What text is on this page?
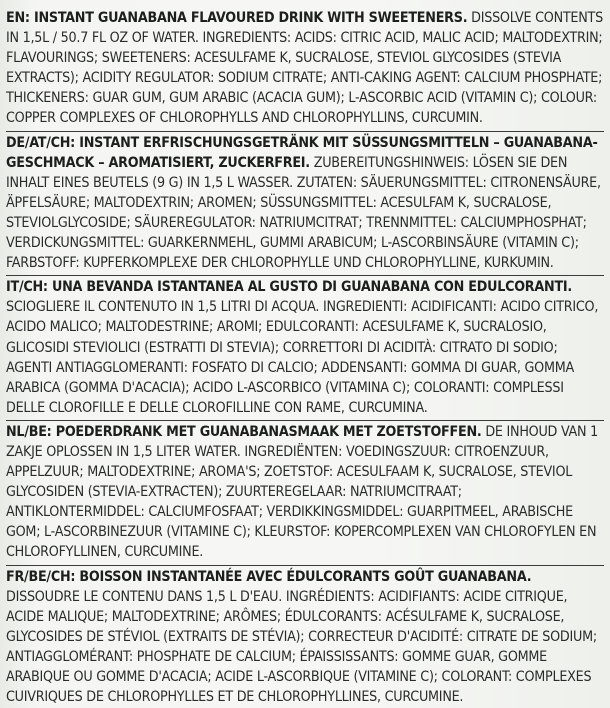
EN: INSTANT GUANABANA FLAVOURED DRINK WITH SWEETENERS. DISSOLVE CONTENTS IN 1,5L / 50.7 FL OZ OF WATER. INGREDIENTS: ACIDS: CITRIC ACID, MALIC ACID; MALTODEXTRIN; FLAVOURINGS; SWEETENERS: ACESULFAME K, SUCRALOSE, STEVIOL GLYCOSIDES (STEVIA EXTRACTS); ACIDITY REGULATOR: SODIUM CITRATE; ANTI-CAKING AGENT: CALCIUM PHOSPHATE; THICKENERS: GUAR GUM, GUM ARABIC (ACACIA GUM); L-ASCORBIC ACID (VITAMIN C); COLOUR: COPPER COMPLEXES OF CHLOROPHYLLS AND CHLOROPHYLLINS, CURCUMIN.

DE/AT/CH: INSTANT ERFRISCHUNGSGETRÄNK MIT SÜSSUNGSMITTELN – GUANABANA-GESCHMACK – AROMATISIERT, ZUCKERFREI. ZUBEREITUNGSHINWEIS: LÖSEN SIE DEN INHALT EINES BEUTELS (9 G) IN 1,5 L WASSER. ZUTATEN: SÄUERUNGSMITTEL: CITRONENSÄURE, ÄPFELSÄURE; MALTODEXTRIN; AROMEN; SÜSSUNGSMITTEL: ACESULFAM K, SUCRALOSE, STEVIOLGLYCOSIDE; SÄUREREGULATOR: NATRIUMCITRAT; TRENNMITTEL: CALCIUMPHOSPHAT; VERDICKUNGSMITTEL: GUARKERNMEHL, GUMMI ARABICUM; L-ASCORBINSÄURE (VITAMIN C); FARBSTOFF: KUPFERKOMPLEXE DER CHLOROPHYLLE UND CHLOROPHYLLINE, KURKUMIN.

IT/CH: UNA BEVANDA ISTANTANEA AL GUSTO DI GUANABANA CON EDULCORANTI. SCIOGLIERE IL CONTENUTO IN 1,5 LITRI DI ACQUA. INGREDIENTI: ACIDIFICANTI: ACIDO CITRICO, ACIDO MALICO; MALTODESTRINE; AROMI; EDULCORANTI: ACESULFAME K, SUCRALOSIO, GLICOSIDI STEVIOLICI (ESTRATTI DI STEVIA); CORRETTORI DI ACIDITÀ: CITRATO DI SODIO; AGENTI ANTIAGGLOMERANTI: FOSFATO DI CALCIO; ADDENSANTI: GOMMA DI GUAR, GOMMA ARABICA (GOMMA D'ACACIA); ACIDO L-ASCORBICO (VITAMINA C); COLORANTI: COMPLESSI DELLE CLOROFILLE E DELLE CLOROFILLINE CON RAME, CURCUMINA.

NL/BE: POEDERDRANK MET GUANABANASMAAK MET ZOETSTOFFEN. DE INHOUD VAN 1 ZAKJE OPLOSSEN IN 1,5 LITER WATER. INGREDIËNTEN: VOEDINGSZUUR: CITROENZUUR, APPELZUUR; MALTODEXTRINE; AROMA'S; ZOETSTOF: ACESULFAAM K, SUCRALOSE, STEVIOL GLYCOSIDEN (STEVIA-EXTRACTEN); ZUURTEREGELAAR: NATRIUMCITRAAT; ANTIKLONTERMIDDEL: CALCIUMFOSFAAT; VERDIKKINGSMIDDEL: GUARPITMEEL, ARABISCHE GOM; L-ASCORBINEZUUR (VITAMINE C); KLEURSTOF: KOPERCOMPLEXEN VAN CHLOROFYLEN EN CHLOROFYLLINEN, CURCUMINE.

FR/BE/CH: BOISSON INSTANTANÉE AVEC ÉDULCORANTS GOÛT GUANABANA. DISSOUDRE LE CONTENU DANS 1,5 L D'EAU. INGRÉDIENTS: ACIDIFIANTS: ACIDE CITRIQUE, ACIDE MALIQUE; MALTODEXTRINE; ARÔMES; ÉDULCORANTS: ACÉSULFAME K, SUCRALOSE, GLYCOSIDES DE STÉVIOL (EXTRAITS DE STÉVIA); CORRECTEUR D'ACIDITÉ: CITRATE DE SODIUM; ANTIAGGLOMÉRANT: PHOSPHATE DE CALCIUM; ÉPAISSISSANTS: GOMME GUAR, GOMME ARABIQUE OU GOMME D'ACACIA; ACIDE L-ASCORBIQUE (VITAMINE C); COLORANT: COMPLEXES CUIVRIQUES DE CHLOROPHYLLES ET DE CHLOROPHYLLINES, CURCUMINE.
